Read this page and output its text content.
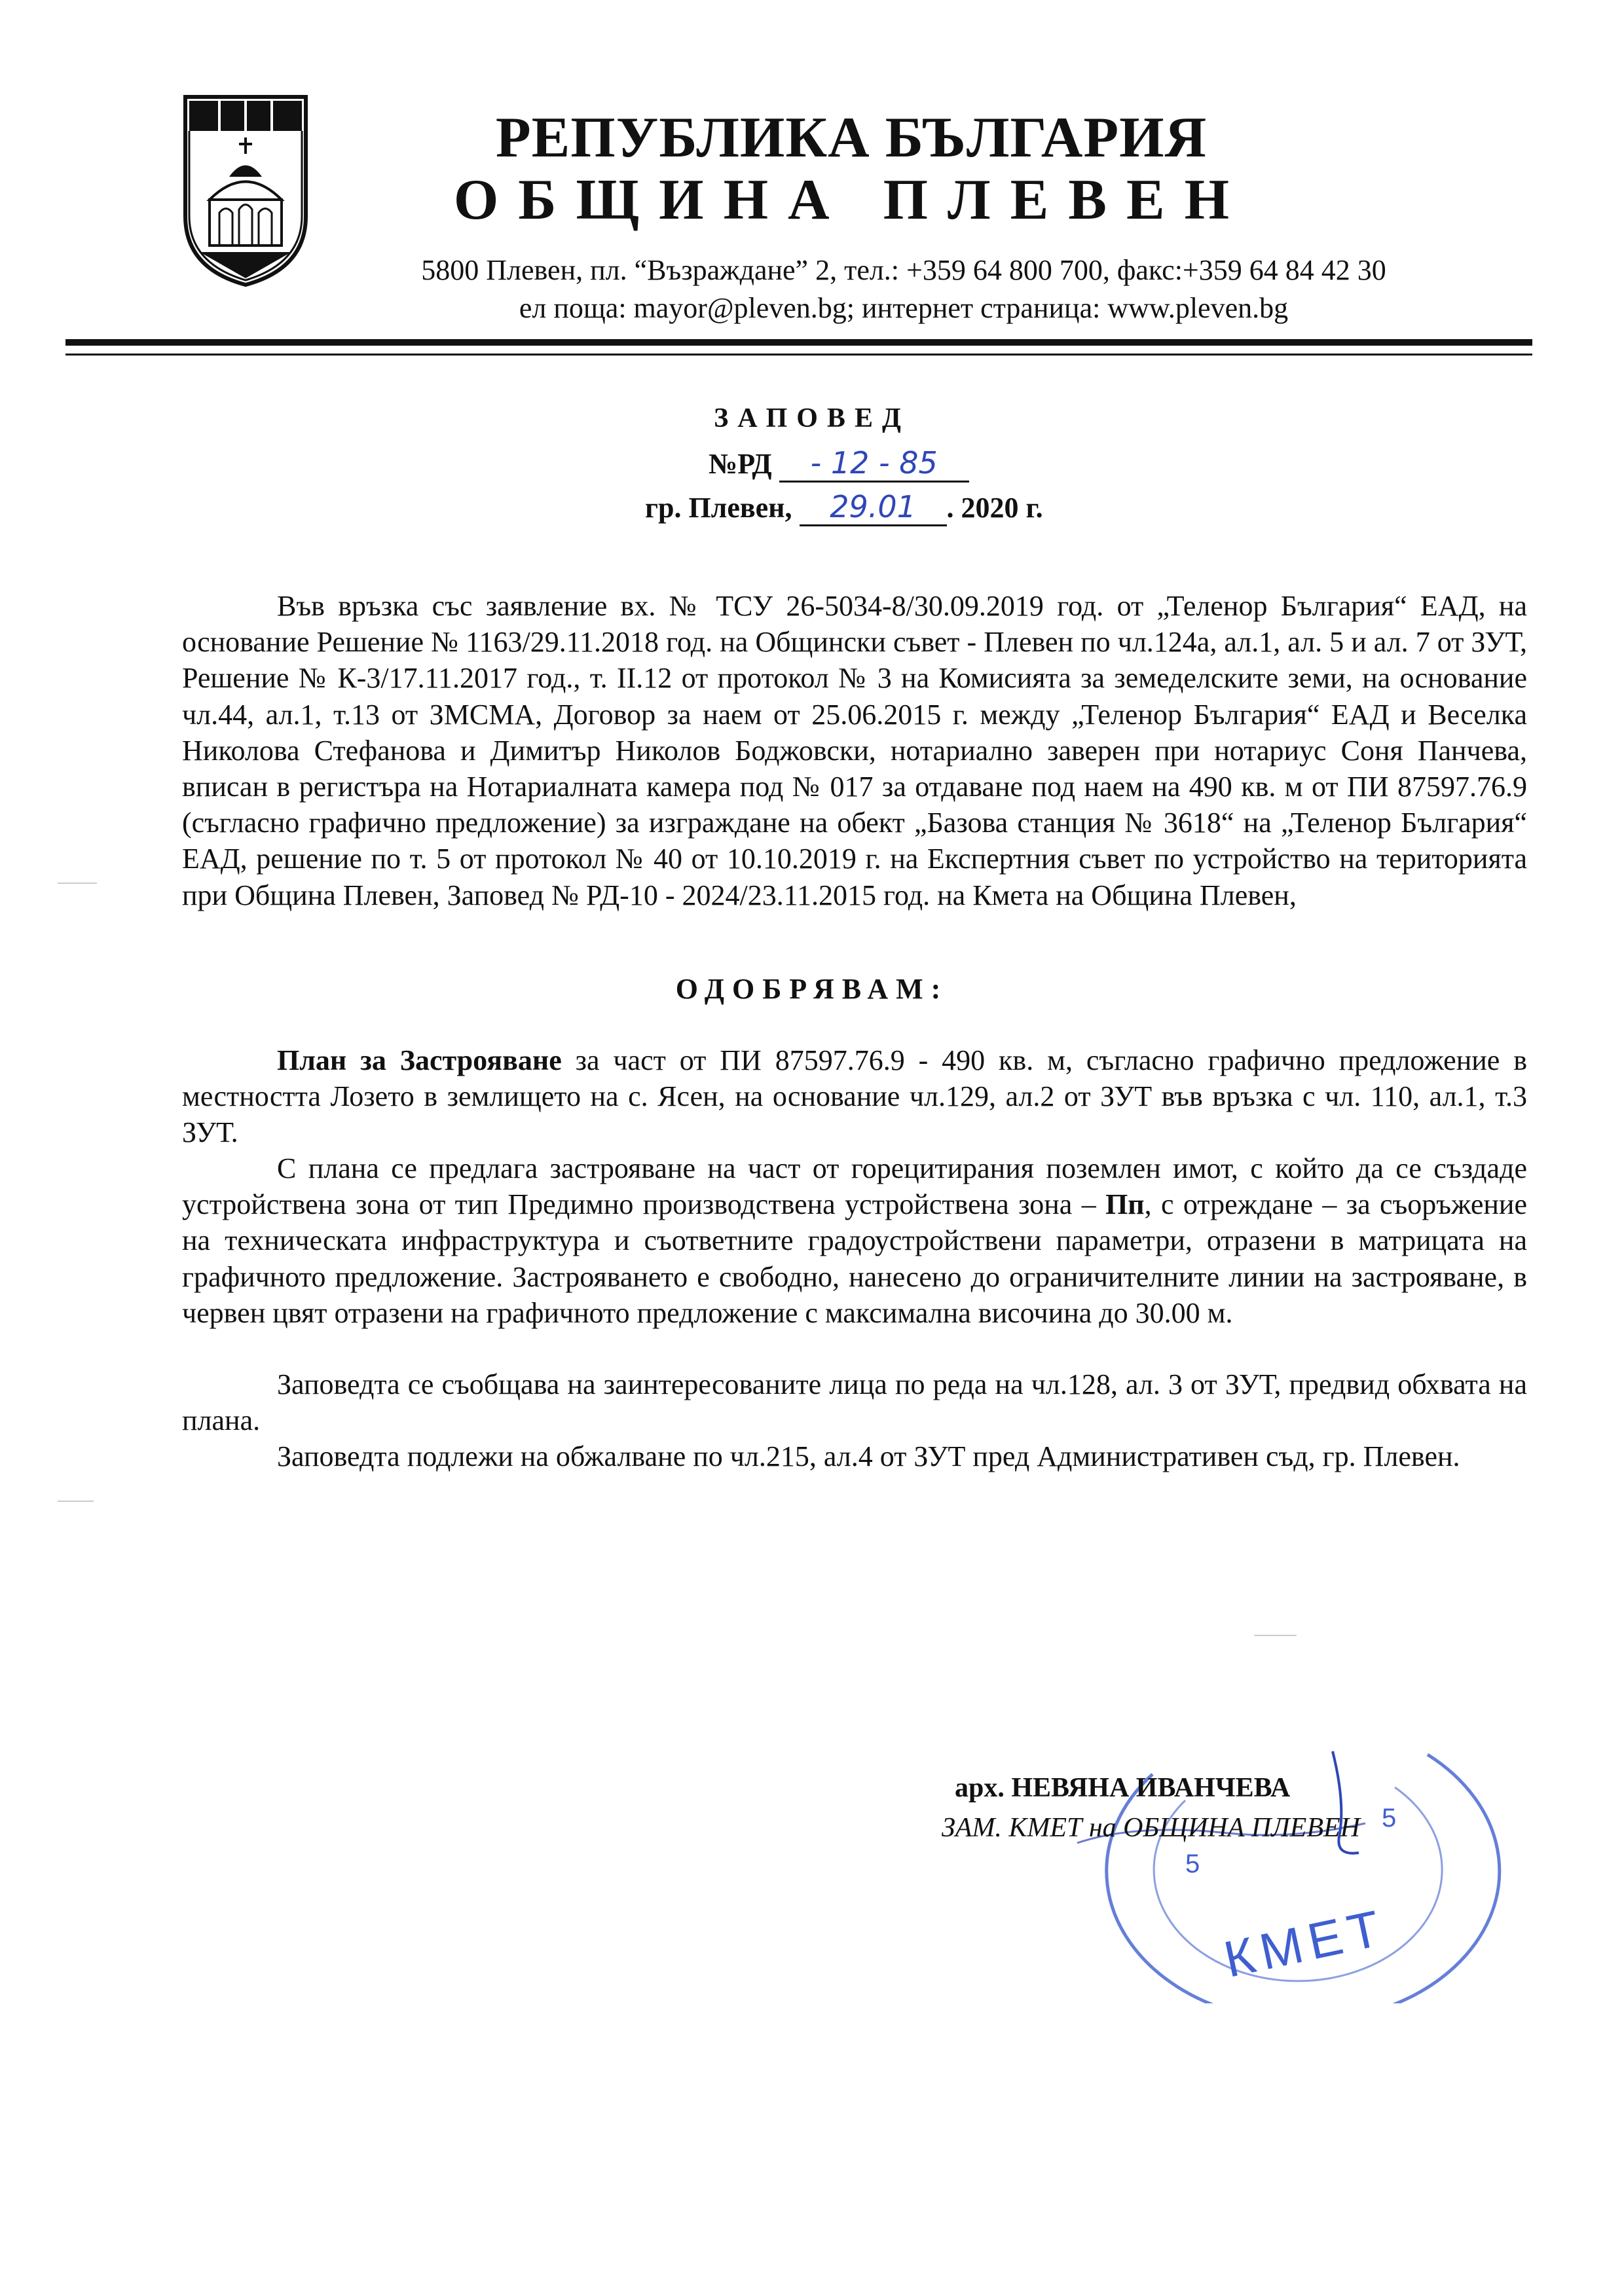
РЕПУБЛИКА БЪЛГАРИЯ
ОБЩИНА ПЛЕВЕН
5800 Плевен, пл. “Възраждане” 2, тел.: +359 64 800 700, факс:+359 64 84 42 30
ел поща: mayor@pleven.bg; интернет страница: www.pleven.bg
ЗАПОВЕД
№РД - 12 - 85
гр. Плевен, 29.01 . 2020 г.
Във връзка със заявление вх. № ТСУ 26-5034-8/30.09.2019 год. от „Теленор България“ ЕАД, на основание Решение № 1163/29.11.2018 год. на Общински съвет - Плевен по чл.124а, ал.1, ал. 5 и ал. 7 от ЗУТ, Решение № К-3/17.11.2017 год., т. II.12 от протокол № 3 на Комисията за земеделските земи, на основание чл.44, ал.1, т.13 от ЗМСМА, Договор за наем от 25.06.2015 г. между „Теленор България“ ЕАД и Веселка Николова Стефанова и Димитър Николов Боджовски, нотариално заверен при нотариус Соня Панчева, вписан в регистъра на Нотариалната камера под № 017 за отдаване под наем на 490 кв. м от ПИ 87597.76.9 (съгласно графично предложение) за изграждане на обект „Базова станция № 3618“ на „Теленор България“ ЕАД, решение по т. 5 от протокол № 40 от 10.10.2019 г. на Експертния съвет по устройство на територията при Община Плевен, Заповед № РД-10 - 2024/23.11.2015 год. на Кмета на Община Плевен,
ОДОБРЯВАМ:
План за Застрояване за част от ПИ 87597.76.9 - 490 кв. м, съгласно графично предложение в местността Лозето в землището на с. Ясен, на основание чл.129, ал.2 от ЗУТ във връзка с чл. 110, ал.1, т.3 ЗУТ.
С плана се предлага застрояване на част от горецитирания поземлен имот, с който да се създаде устройствена зона от тип Предимно производствена устройствена зона – Пп, с отреждане – за съоръжение на техническата инфраструктура и съответните градоустройствени параметри, отразени в матрицата на графичното предложение. Застрояването е свободно, нанесено до ограничителните линии на застрояване, в червен цвят отразени на графичното предложение с максимална височина до 30.00 м.
Заповедта се съобщава на заинтересованите лица по реда на чл.128, ал. 3 от ЗУТ, предвид обхвата на плана.
Заповедта подлежи на обжалване по чл.215, ал.4 от ЗУТ пред Административен съд, гр. Плевен.
5
5
КМЕТ
арх. НЕВЯНА ИВАНЧЕВА
ЗАМ. КМЕТ на ОБЩИНА ПЛЕВЕН
